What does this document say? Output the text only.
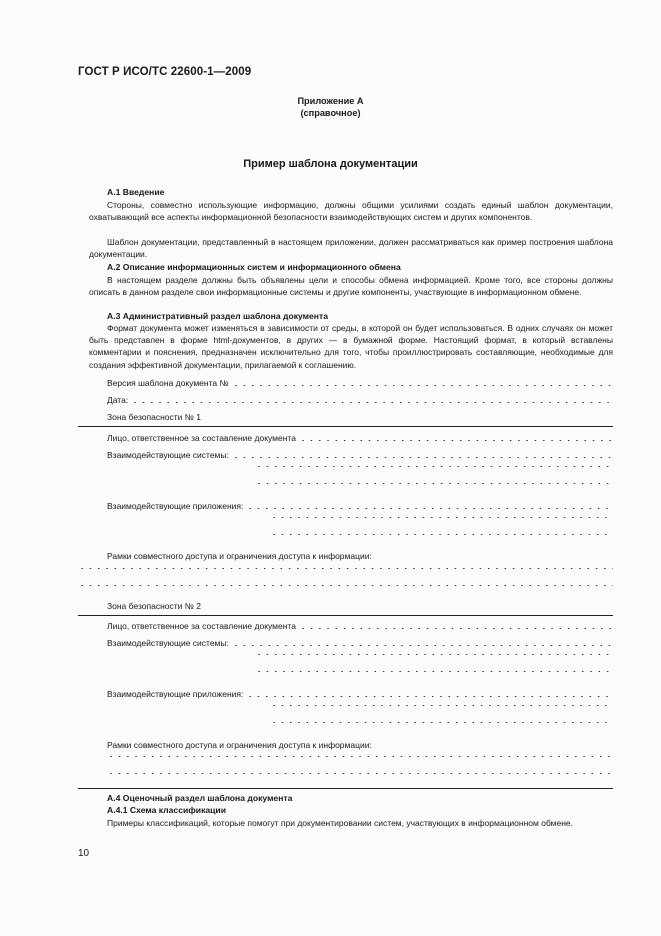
ГОСТ Р ИСО/ТС 22600-1—2009
Приложение А
(справочное)
Пример шаблона документации
А.1 Введение
Стороны, совместно использующие информацию, должны общими усилиями создать единый шаблон документации, охватывающий все аспекты информационной безопасности взаимодействующих систем и других компонентов.
Шаблон документации, представленный в настоящем приложении, должен рассматриваться как пример построения шаблона документации.
А.2 Описание информационных систем и информационного обмена
В настоящем разделе должны быть объявлены цели и способы обмена информацией. Кроме того, все стороны должны описать в данном разделе свои информационные системы и другие компоненты, участвующие в информационном обмене.
А.3 Административный раздел шаблона документа
Формат документа может изменяться в зависимости от среды, в которой он будет использоваться. В одних случаях он может быть представлен в форме html-документов, в других — в бумажной форме. Настоящий формат, в который вставлены комментарии и пояснения, предназначен исключительно для того, чтобы проиллюстрировать составляющие, необходимые для создания эффективной документации, прилагаемой к соглашению.
Версия шаблона документа №
Дата:
Зона безопасности № 1
Лицо, ответственное за составление документа
Взаимодействующие системы:
Взаимодействующие приложения:
Рамки совместного доступа и ограничения доступа к информации:
Зона безопасности № 2
Лицо, ответственное за составление документа
Взаимодействующие системы:
Взаимодействующие приложения:
Рамки совместного доступа и ограничения доступа к информации:
А.4 Оценочный раздел шаблона документа
А.4.1 Схема классификации
Примеры классификаций, которые помогут при документировании систем, участвующих в информационном обмене.
10
